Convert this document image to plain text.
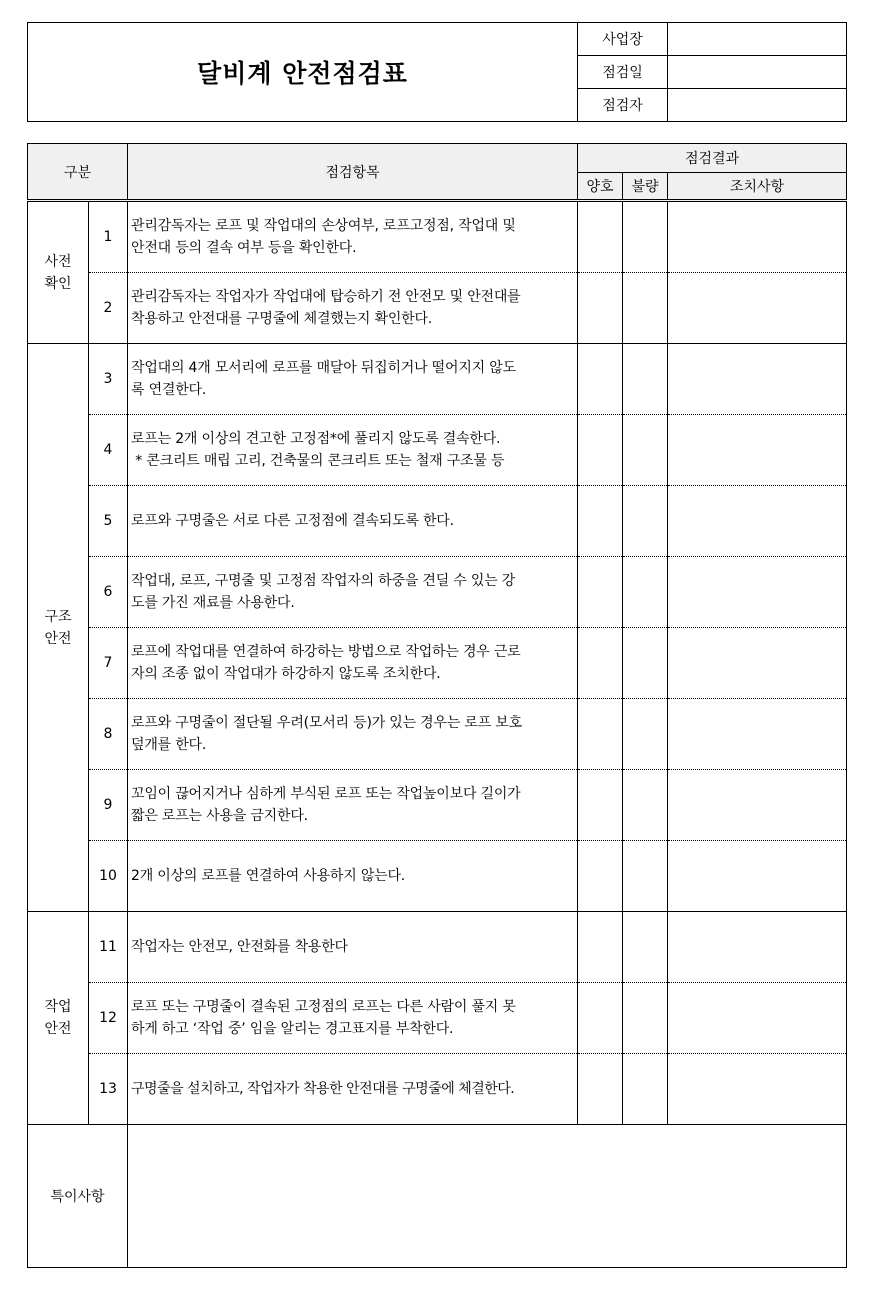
달비계 안전점검표	사업장	
	점검일	
	점검자	
구분		점검항목	점검결과		
			양호	불량	조치사항

사전
확인	1	관리감독자는 로프 및 작업대의 손상여부, 로프고정점, 작업대 및
안전대 등의 결속 여부 등을 확인한다.			

	2	관리감독자는 작업자가 작업대에 탑승하기 전 안전모 및 안전대를
착용하고 안전대를 구명줄에 체결했는지 확인한다.			

구조
안전	3	작업대의 4개 모서리에 로프를 매달아 뒤집히거나 떨어지지 않도
록 연결한다.			

	4	로프는 2개 이상의 견고한 고정점*에 풀리지 않도록 결속한다.
* 콘크리트 매립 고리, 건축물의 콘크리트 또는 철재 구조물 등			

	5	로프와 구명줄은 서로 다른 고정점에 결속되도록 한다.			

	6	작업대, 로프, 구명줄 및 고정점 작업자의 하중을 견딜 수 있는 강
도를 가진 재료를 사용한다.			

	7	로프에 작업대를 연결하여 하강하는 방법으로 작업하는 경우 근로
자의 조종 없이 작업대가 하강하지 않도록 조치한다.			

	8	로프와 구명줄이 절단될 우려(모서리 등)가 있는 경우는 로프 보호
덮개를 한다.			

	9	꼬임이 끊어지거나 심하게 부식된 로프 또는 작업높이보다 길이가
짧은 로프는 사용을 금지한다.			

	10	2개 이상의 로프를 연결하여 사용하지 않는다.			

작업
안전	11	작업자는 안전모, 안전화를 착용한다			

	12	로프 또는 구명줄이 결속된 고정점의 로프는 다른 사람이 풀지 못
하게 하고 ‘작업 중’ 임을 알리는 경고표지를 부착한다.			

	13	구명줄을 설치하고, 작업자가 착용한 안전대를 구명줄에 체결한다.			

특이사항					
